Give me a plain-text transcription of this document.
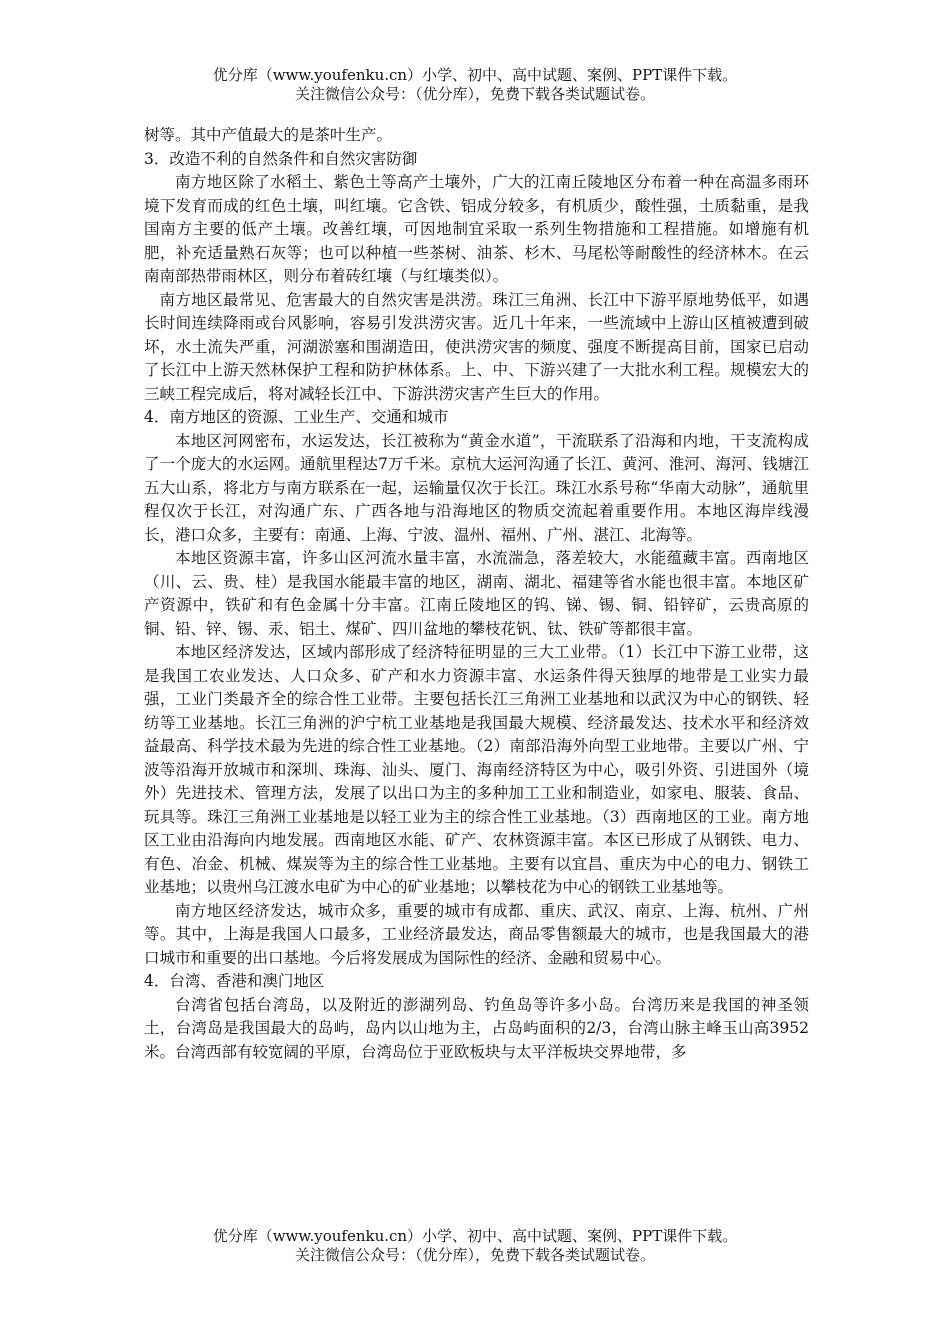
优分库（www.youfenku.cn）小学、初中、高中试题、案例、PPT课件下载。
关注微信公众号：（优分库），免费下载各类试题试卷。

树等。其中产值最大的是茶叶生产。

3．改造不利的自然条件和自然灾害防御

南方地区除了水稻土、紫色土等高产土壤外，广大的江南丘陵地区分布着一种在高温多雨环境下发育而成的红色土壤，叫红壤。它含铁、铝成分较多，有机质少，酸性强，土质黏重，是我国南方主要的低产土壤。改善红壤，可因地制宜采取一系列生物措施和工程措施。如增施有机肥，补充适量熟石灰等；也可以种植一些茶树、油茶、杉木、马尾松等耐酸性的经济林木。在云南南部热带雨林区，则分布着砖红壤（与红壤类似）。

南方地区最常见、危害最大的自然灾害是洪涝。珠江三角洲、长江中下游平原地势低平，如遇长时间连续降雨或台风影响，容易引发洪涝灾害。近几十年来，一些流域中上游山区植被遭到破坏，水土流失严重，河湖淤塞和围湖造田，使洪涝灾害的频度、强度不断提高目前，国家已启动了长江中上游天然林保护工程和防护林体系。上、中、下游兴建了一大批水利工程。规模宏大的三峡工程完成后，将对减轻长江中、下游洪涝灾害产生巨大的作用。

4．南方地区的资源、工业生产、交通和城市

本地区河网密布，水运发达，长江被称为“黄金水道”，干流联系了沿海和内地，干支流构成了一个庞大的水运网。通航里程达7万千米。京杭大运河沟通了长江、黄河、淮河、海河、钱塘江五大山系，将北方与南方联系在一起，运输量仅次于长江。珠江水系号称“华南大动脉”，通航里程仅次于长江，对沟通广东、广西各地与沿海地区的物质交流起着重要作用。本地区海岸线漫长，港口众多，主要有：南通、上海、宁波、温州、福州、广州、湛江、北海等。

本地区资源丰富，许多山区河流水量丰富，水流湍急，落差较大，水能蕴藏丰富。西南地区（川、云、贵、桂）是我国水能最丰富的地区，湖南、湖北、福建等省水能也很丰富。本地区矿产资源中，铁矿和有色金属十分丰富。江南丘陵地区的钨、锑、锡、铜、铅锌矿，云贵高原的铜、铅、锌、锡、汞、铝土、煤矿、四川盆地的攀枝花钒、钛、铁矿等都很丰富。

本地区经济发达，区域内部形成了经济特征明显的三大工业带。（1）长江中下游工业带，这是我国工农业发达、人口众多、矿产和水力资源丰富、水运条件得天独厚的地带是工业实力最强，工业门类最齐全的综合性工业带。主要包括长江三角洲工业基地和以武汉为中心的钢铁、轻纺等工业基地。长江三角洲的沪宁杭工业基地是我国最大规模、经济最发达、技术水平和经济效益最高、科学技术最为先进的综合性工业基地。（2）南部沿海外向型工业地带。主要以广州、宁波等沿海开放城市和深圳、珠海、汕头、厦门、海南经济特区为中心，吸引外资、引进国外（境外）先进技术、管理方法，发展了以出口为主的多种加工工业和制造业，如家电、服装、食品、玩具等。珠江三角洲工业基地是以轻工业为主的综合性工业基地。（3）西南地区的工业。南方地区工业由沿海向内地发展。西南地区水能、矿产、农林资源丰富。本区已形成了从钢铁、电力、有色、冶金、机械、煤炭等为主的综合性工业基地。主要有以宜昌、重庆为中心的电力、钢铁工业基地；以贵州乌江渡水电矿为中心的矿业基地；以攀枝花为中心的钢铁工业基地等。

南方地区经济发达，城市众多，重要的城市有成都、重庆、武汉、南京、上海、杭州、广州等。其中，上海是我国人口最多，工业经济最发达，商品零售额最大的城市，也是我国最大的港口城市和重要的出口基地。今后将发展成为国际性的经济、金融和贸易中心。

4．台湾、香港和澳门地区

台湾省包括台湾岛，以及附近的澎湖列岛、钓鱼岛等许多小岛。台湾历来是我国的神圣领土，台湾岛是我国最大的岛屿，岛内以山地为主，占岛屿面积的2/3，台湾山脉主峰玉山高3952米。台湾西部有较宽阔的平原，台湾岛位于亚欧板块与太平洋板块交界地带，多

优分库（www.youfenku.cn）小学、初中、高中试题、案例、PPT课件下载。
关注微信公众号：（优分库），免费下载各类试题试卷。
